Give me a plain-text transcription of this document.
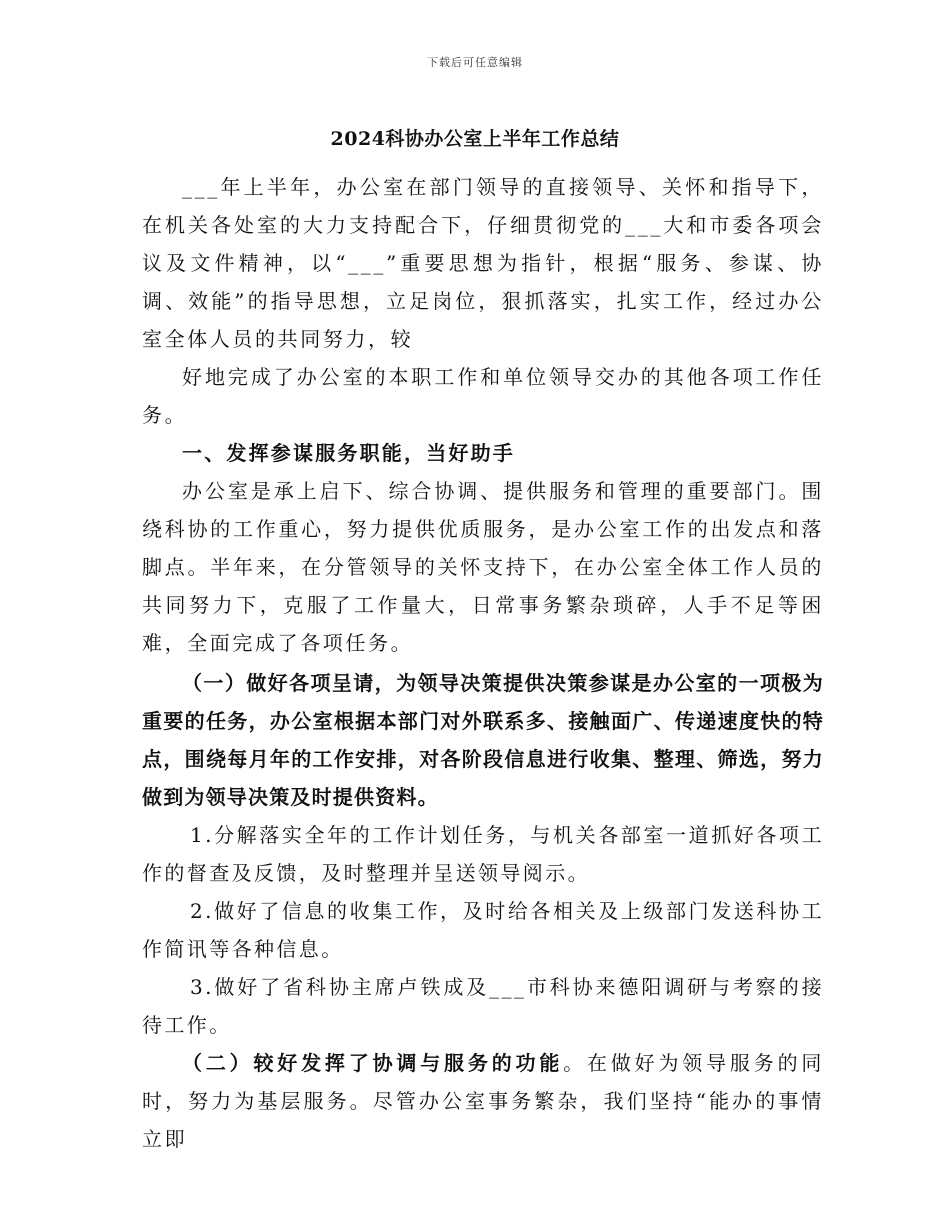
下载后可任意编辑
2024科协办公室上半年工作总结

___年上半年，办公室在部门领导的直接领导、关怀和指导下，在机关各处室的大力支持配合下，仔细贯彻党的___大和市委各项会议及文件精神，以“___”重要思想为指针，根据“服务、参谋、协调、效能”的指导思想，立足岗位，狠抓落实，扎实工作，经过办公室全体人员的共同努力，较

好地完成了办公室的本职工作和单位领导交办的其他各项工作任务。

一、发挥参谋服务职能，当好助手

办公室是承上启下、综合协调、提供服务和管理的重要部门。围绕科协的工作重心，努力提供优质服务，是办公室工作的出发点和落脚点。半年来，在分管领导的关怀支持下，在办公室全体工作人员的共同努力下，克服了工作量大，日常事务繁杂琐碎，人手不足等困难，全面完成了各项任务。

（一）做好各项呈请，为领导决策提供决策参谋是办公室的一项极为重要的任务，办公室根据本部门对外联系多、接触面广、传递速度快的特点，围绕每月年的工作安排，对各阶段信息进行收集、整理、筛选，努力做到为领导决策及时提供资料。

1.分解落实全年的工作计划任务，与机关各部室一道抓好各项工作的督查及反馈，及时整理并呈送领导阅示。

2.做好了信息的收集工作，及时给各相关及上级部门发送科协工作简讯等各种信息。

3.做好了省科协主席卢铁成及___市科协来德阳调研与考察的接待工作。

（二）较好发挥了协调与服务的功能。在做好为领导服务的同时，努力为基层服务。尽管办公室事务繁杂，我们坚持“能办的事情立即
